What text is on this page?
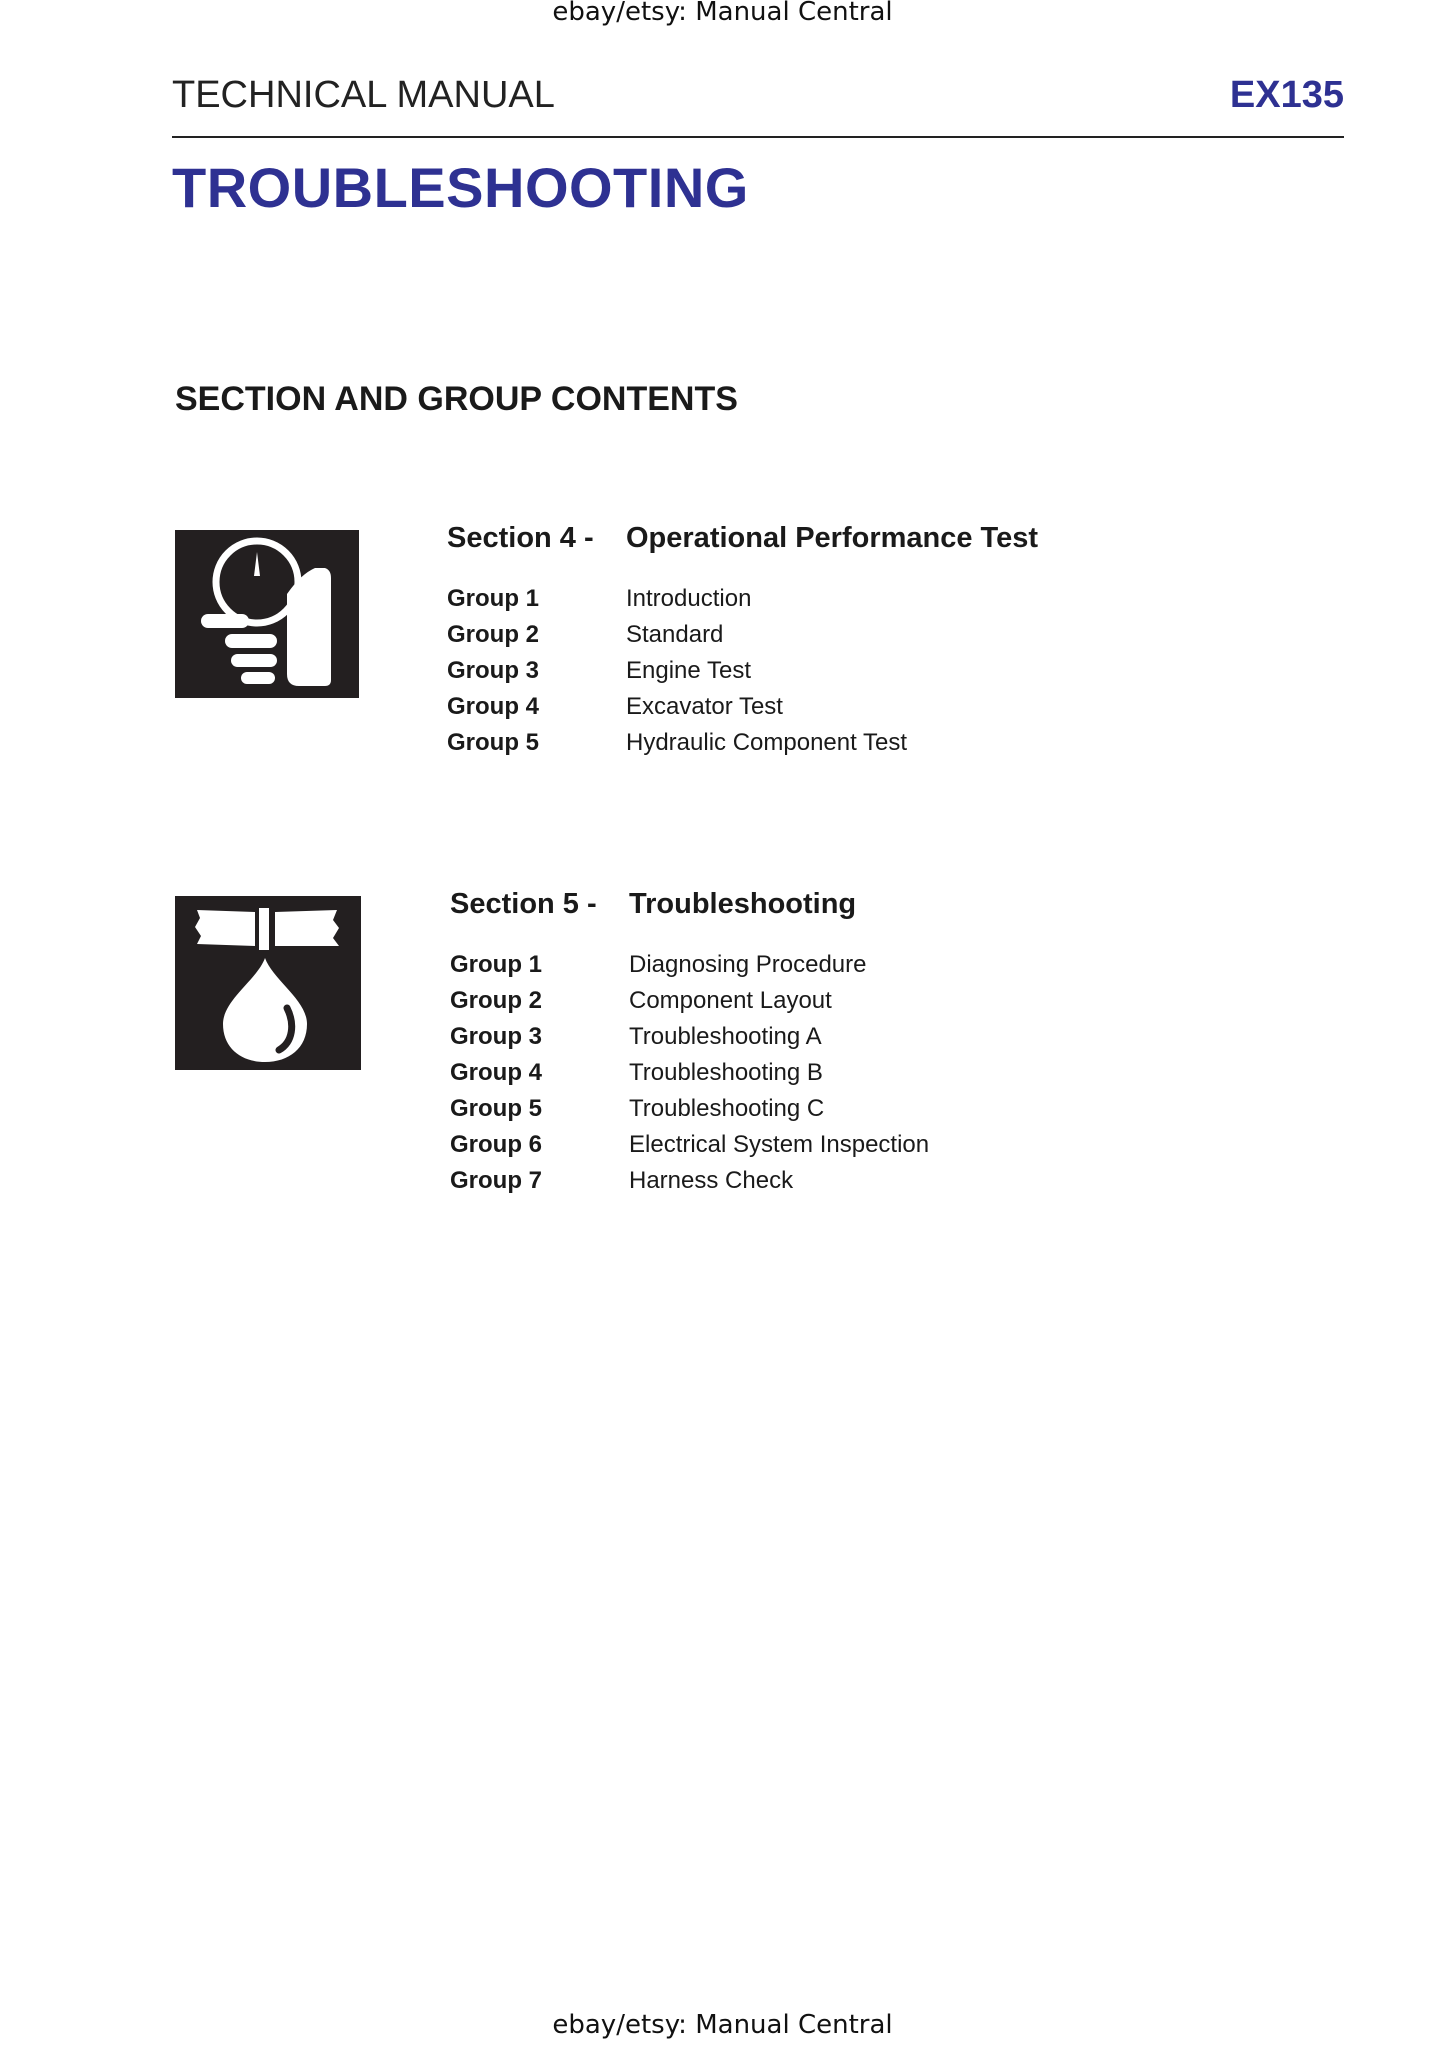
ebay/etsy: Manual Central
TECHNICAL MANUAL	EX135
TROUBLESHOOTING
SECTION AND GROUP CONTENTS
Section 4 - Operational Performance Test
Group 1	Introduction
Group 2	Standard
Group 3	Engine Test
Group 4	Excavator Test
Group 5	Hydraulic Component Test
Section 5 - Troubleshooting
Group 1	Diagnosing Procedure
Group 2	Component Layout
Group 3	Troubleshooting A
Group 4	Troubleshooting B
Group 5	Troubleshooting C
Group 6	Electrical System Inspection
Group 7	Harness Check
ebay/etsy: Manual Central
